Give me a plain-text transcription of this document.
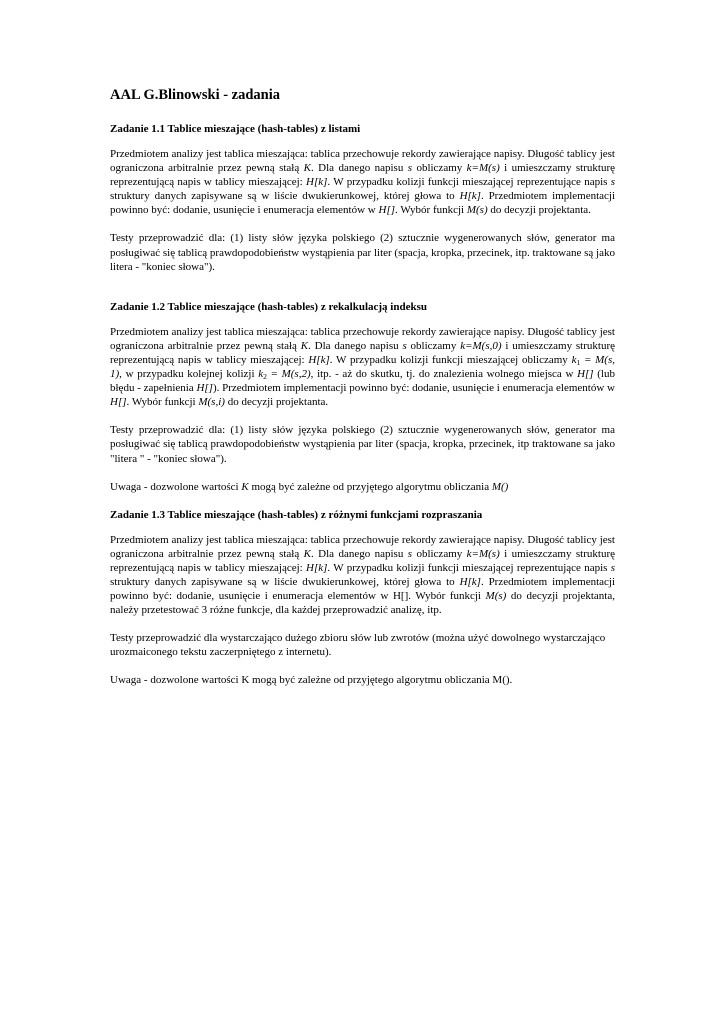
AAL G.Blinowski - zadania
Zadanie 1.1 Tablice mieszające (hash-tables) z listami

Przedmiotem analizy jest tablica mieszająca: tablica przechowuje rekordy zawierające napisy. Długość tablicy jest ograniczona arbitralnie przez pewną stałą K. Dla danego napisu s obliczamy k=M(s) i umieszczamy strukturę reprezentującą napis w tablicy mieszającej: H[k]. W przypadku kolizji funkcji mieszającej reprezentujące napis s struktury danych zapisywane są w liście dwukierunkowej, której głowa to H[k]. Przedmiotem implementacji powinno być: dodanie, usunięcie i enumeracja elementów w H[]. Wybór funkcji M(s) do decyzji projektanta.

Testy przeprowadzić dla: (1) listy słów języka polskiego (2) sztucznie wygenerowanych słów, generator ma posługiwać się tablicą prawdopodobieństw wystąpienia par liter (spacja, kropka, przecinek, itp. traktowane są jako litera - "koniec słowa").

Zadanie 1.2 Tablice mieszające (hash-tables) z rekalkulacją indeksu

Przedmiotem analizy jest tablica mieszająca: tablica przechowuje rekordy zawierające napisy. Długość tablicy jest ograniczona arbitralnie przez pewną stałą K. Dla danego napisu s obliczamy k=M(s,0) i umieszczamy strukturę reprezentującą napis w tablicy mieszającej: H[k]. W przypadku kolizji funkcji mieszającej obliczamy $k_1 = M(s$, 1), w przypadku kolejnej kolizji $k_2 = M(s,2)$, itp. - aż do skutku, tj. do znalezienia wolnego miejsca w H[] (lub błędu - zapełnienia H[]). Przedmiotem implementacji powinno być: dodanie, usunięcie i enumeracja elementów w H[]. Wybór funkcji M(s,i) do decyzji projektanta.

Testy przeprowadzić dla: (1) listy słów języka polskiego (2) sztucznie wygenerowanych słów, generator ma posługiwać się tablicą prawdopodobieństw wystąpienia par liter (spacja, kropka, przecinek, itp traktowane sa jako "litera " - "koniec słowa").

Uwaga - dozwolone wartości K mogą być zależne od przyjętego algorytmu obliczania M()

Zadanie 1.3 Tablice mieszające (hash-tables) z różnymi funkcjami rozpraszania

Przedmiotem analizy jest tablica mieszająca: tablica przechowuje rekordy zawierające napisy. Długość tablicy jest ograniczona arbitralnie przez pewną stałą K. Dla danego napisu s obliczamy k=M(s) i umieszczamy strukturę reprezentującą napis w tablicy mieszającej: H[k]. W przypadku kolizji funkcji mieszającej reprezentujące napis s struktury danych zapisywane są w liście dwukierunkowej, której głowa to H[k]. Przedmiotem implementacji powinno być: dodanie, usunięcie i enumeracja elementów w H[]. Wybór funkcji M(s) do decyzji projektanta, należy przetestować 3 różne funkcje, dla każdej przeprowadzić analizę, itp.

Testy przeprowadzić dla wystarczająco dużego zbioru słów lub zwrotów (można użyć dowolnego wystarczająco urozmaiconego tekstu zaczerpniętego z internetu).

Uwaga - dozwolone wartości K mogą być zależne od przyjętego algorytmu obliczania M().
